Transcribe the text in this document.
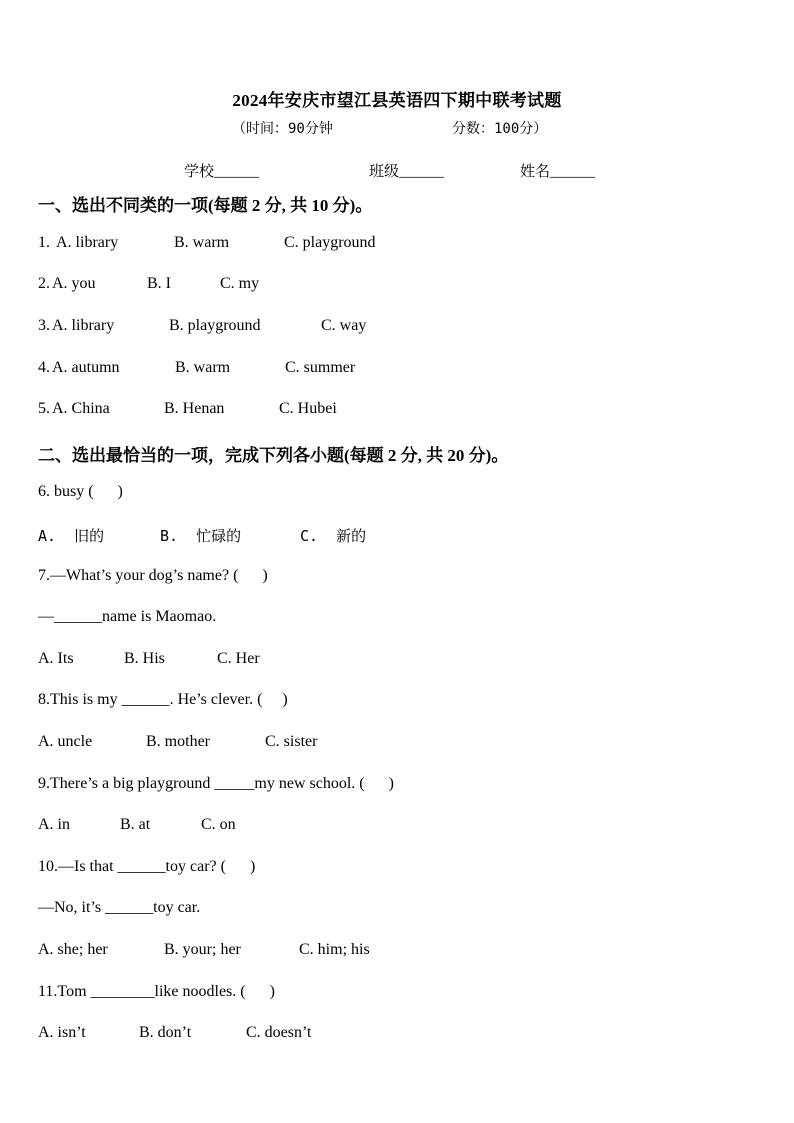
2024年安庆市望江县英语四下期中联考试题
（时间：90分钟	分数：100分）
学校______	班级______	姓名______
一、选出不同类的一项(每题 2 分, 共 10 分)。
1. A. library	B. warm	C. playground
2. A. you	B. I	C. my
3. A. library	B. playground	C. way
4. A. autumn	B. warm	C. summer
5. A. China	B. Henan	C. Hubei
二、选出最恰当的一项，完成下列各小题(每题 2 分, 共 20 分)。
6. busy (      )
A.  旧的	B.  忙碌的	C.  新的
7.—What’s your dog’s name? (      )
—______name is Maomao.
A. Its	B. His	C. Her
8.This is my ______. He’s clever. (     )
A. uncle	B. mother	C. sister
9.There’s a big playground _____my new school. (      )
A. in	B. at	C. on
10.—Is that ______toy car? (      )
—No, it’s ______toy car.
A. she; her	B. your; her	C. him; his
11.Tom ________like noodles. (      )
A. isn’t	B. don’t	C. doesn’t
